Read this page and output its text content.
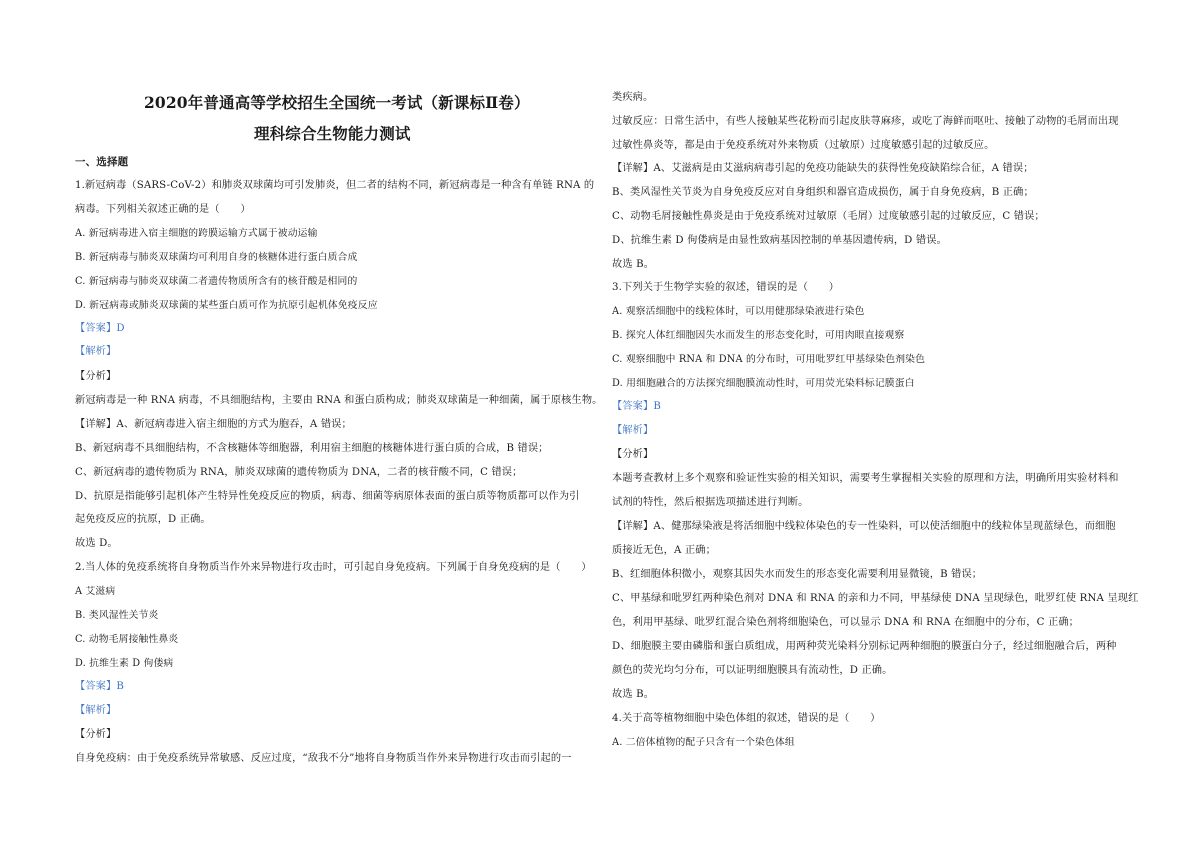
2020年普通高等学校招生全国统一考试（新课标Ⅱ卷）
理科综合生物能力测试
一、选择题
1.新冠病毒（SARS-CoV-2）和肺炎双球菌均可引发肺炎，但二者的结构不同，新冠病毒是一种含有单链 RNA 的
病毒。下列相关叙述正确的是（　　）
A. 新冠病毒进入宿主细胞的跨膜运输方式属于被动运输
B. 新冠病毒与肺炎双球菌均可利用自身的核糖体进行蛋白质合成
C. 新冠病毒与肺炎双球菌二者遗传物质所含有的核苷酸是相同的
D. 新冠病毒或肺炎双球菌的某些蛋白质可作为抗原引起机体免疫反应
【答案】D
【解析】
【分析】
新冠病毒是一种 RNA 病毒，不具细胞结构，主要由 RNA 和蛋白质构成；肺炎双球菌是一种细菌，属于原核生物。
【详解】A、新冠病毒进入宿主细胞的方式为胞吞，A 错误；
B、新冠病毒不具细胞结构，不含核糖体等细胞器，利用宿主细胞的核糖体进行蛋白质的合成，B 错误；
C、新冠病毒的遗传物质为 RNA，肺炎双球菌的遗传物质为 DNA，二者的核苷酸不同，C 错误；
D、抗原是指能够引起机体产生特异性免疫反应的物质，病毒、细菌等病原体表面的蛋白质等物质都可以作为引
起免疫反应的抗原，D 正确。
故选 D。
2.当人体的免疫系统将自身物质当作外来异物进行攻击时，可引起自身免疫病。下列属于自身免疫病的是（　　）
A 艾滋病
B. 类风湿性关节炎
C. 动物毛屑接触性鼻炎
D. 抗维生素 D 佝偻病
【答案】B
【解析】
【分析】
自身免疫病：由于免疫系统异常敏感、反应过度，“敌我不分”地将自身物质当作外来异物进行攻击而引起的一
类疾病。
过敏反应：日常生活中，有些人接触某些花粉而引起皮肤荨麻疹，或吃了海鲜而呕吐、接触了动物的毛屑而出现
过敏性鼻炎等，都是由于免疫系统对外来物质（过敏原）过度敏感引起的过敏反应。
【详解】A、艾滋病是由艾滋病病毒引起的免疫功能缺失的获得性免疫缺陷综合征，A 错误；
B、类风湿性关节炎为自身免疫反应对自身组织和器官造成损伤，属于自身免疫病，B 正确；
C、动物毛屑接触性鼻炎是由于免疫系统对过敏原（毛屑）过度敏感引起的过敏反应，C 错误；
D、抗维生素 D 佝偻病是由显性致病基因控制的单基因遗传病，D 错误。
故选 B。
3.下列关于生物学实验的叙述，错误的是（　　）
A. 观察活细胞中的线粒体时，可以用健那绿染液进行染色
B. 探究人体红细胞因失水而发生的形态变化时，可用肉眼直接观察
C. 观察细胞中 RNA 和 DNA 的分布时，可用吡罗红甲基绿染色剂染色
D. 用细胞融合的方法探究细胞膜流动性时，可用荧光染料标记膜蛋白
【答案】B
【解析】
【分析】
本题考查教材上多个观察和验证性实验的相关知识，需要考生掌握相关实验的原理和方法，明确所用实验材料和
试剂的特性，然后根据选项描述进行判断。
【详解】A、健那绿染液是将活细胞中线粒体染色的专一性染料，可以使活细胞中的线粒体呈现蓝绿色，而细胞
质接近无色，A 正确；
B、红细胞体积微小，观察其因失水而发生的形态变化需要利用显微镜，B 错误；
C、甲基绿和吡罗红两种染色剂对 DNA 和 RNA 的亲和力不同，甲基绿使 DNA 呈现绿色，吡罗红使 RNA 呈现红
色，利用甲基绿、吡罗红混合染色剂将细胞染色，可以显示 DNA 和 RNA 在细胞中的分布，C 正确；
D、细胞膜主要由磷脂和蛋白质组成，用两种荧光染料分别标记两种细胞的膜蛋白分子，经过细胞融合后，两种
颜色的荧光均匀分布，可以证明细胞膜具有流动性，D 正确。
故选 B。
4.关于高等植物细胞中染色体组的叙述，错误的是（　　）
A. 二倍体植物的配子只含有一个染色体组
